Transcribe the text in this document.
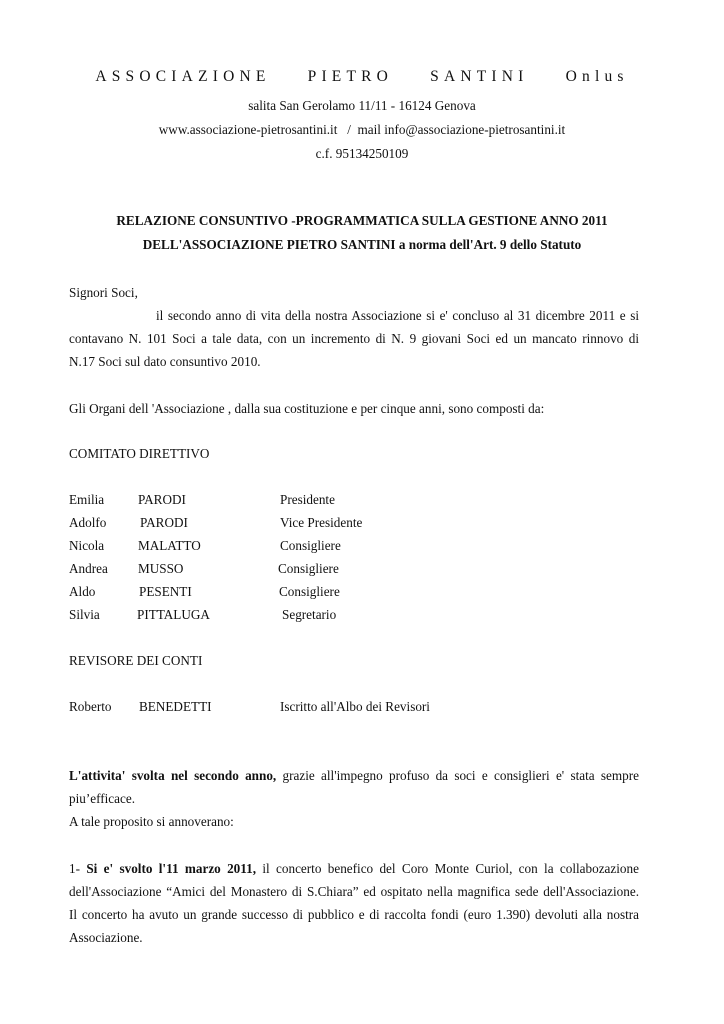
ASSOCIAZIONE PIETRO SANTINI Onlus
salita San Gerolamo 11/11 - 16124 Genova
www.associazione-pietrosantini.it   /  mail info@associazione-pietrosantini.it
c.f. 95134250109
RELAZIONE CONSUNTIVO -PROGRAMMATICA SULLA GESTIONE ANNO 2011
DELL'ASSOCIAZIONE PIETRO SANTINI a norma dell'Art. 9 dello Statuto
Signori Soci,
il secondo anno di vita della nostra Associazione si e' concluso al 31 dicembre 2011 e si
contavano N. 101 Soci a tale data, con un incremento di N. 9 giovani Soci ed un mancato rinnovo di
N.17 Soci sul dato consuntivo 2010.
Gli Organi dell 'Associazione , dalla sua costituzione e per cinque anni, sono composti da:
COMITATO DIRETTIVO
Emilia	PARODI	Presidente
Adolfo	PARODI	Vice Presidente
Nicola	MALATTO	Consigliere
Andrea MUSSO	Consigliere
Aldo	PESENTI	Consigliere
Silvia	PITTALUGA	Segretario
REVISORE DEI CONTI
Roberto BENEDETTI	Iscritto all'Albo dei Revisori
L'attivita' svolta nel secondo anno, grazie all'impegno profuso da soci e consiglieri e' stata sempre
piu’efficace.
A tale proposito si annoverano:
1- Si e' svolto l'11 marzo 2011, il concerto benefico del Coro Monte Curiol, con la collabozazione
dell'Associazione “Amici del Monastero di S.Chiara” ed ospitato nella magnifica sede dell'Associazione.
Il concerto ha avuto un grande successo di pubblico e di raccolta fondi (euro 1.390) devoluti alla nostra
Associazione.
